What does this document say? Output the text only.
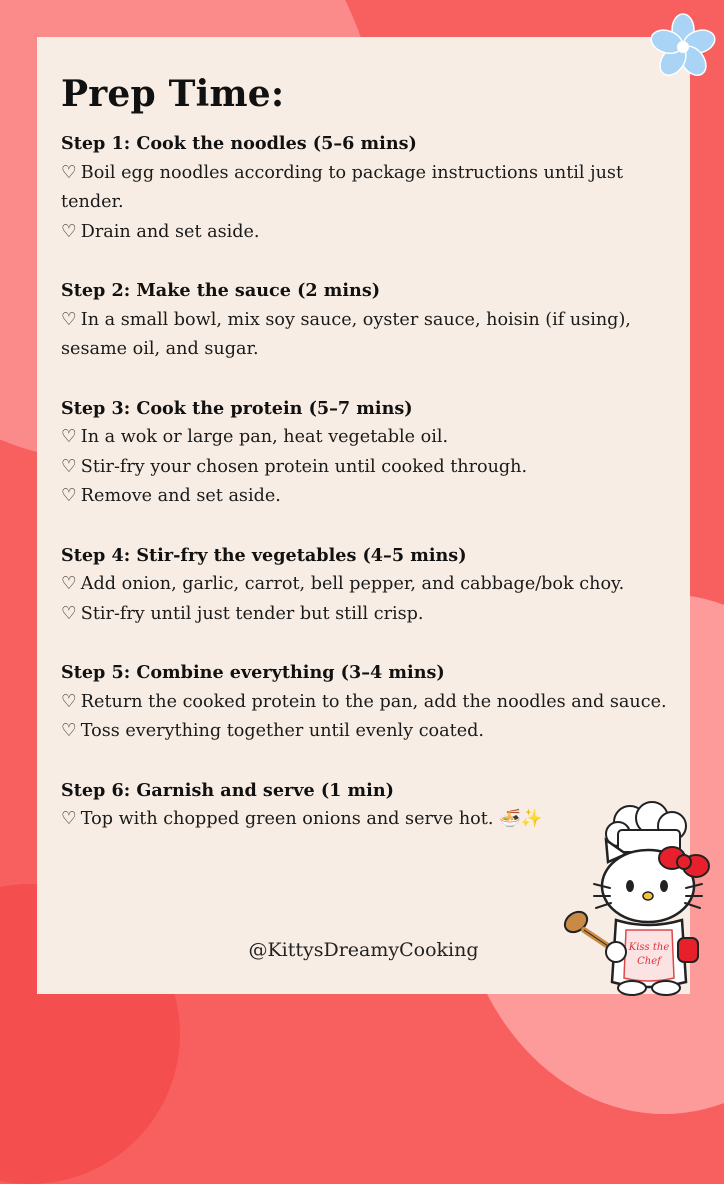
Prep Time:
Step 1: Cook the noodles (5–6 mins)
♡ Boil egg noodles according to package instructions until just tender.
♡ Drain and set aside.
Step 2: Make the sauce (2 mins)
♡ In a small bowl, mix soy sauce, oyster sauce, hoisin (if using), sesame oil, and sugar.
Step 3: Cook the protein (5–7 mins)
♡ In a wok or large pan, heat vegetable oil.
♡ Stir-fry your chosen protein until cooked through.
♡ Remove and set aside.
Step 4: Stir-fry the vegetables (4–5 mins)
♡ Add onion, garlic, carrot, bell pepper, and cabbage/bok choy.
♡ Stir-fry until just tender but still crisp.
Step 5: Combine everything (3–4 mins)
♡ Return the cooked protein to the pan, add the noodles and sauce.
♡ Toss everything together until evenly coated.
Step 6: Garnish and serve (1 min)
♡ Top with chopped green onions and serve hot. 🍜✨
@KittysDreamyCooking	Kiss the
Chef
